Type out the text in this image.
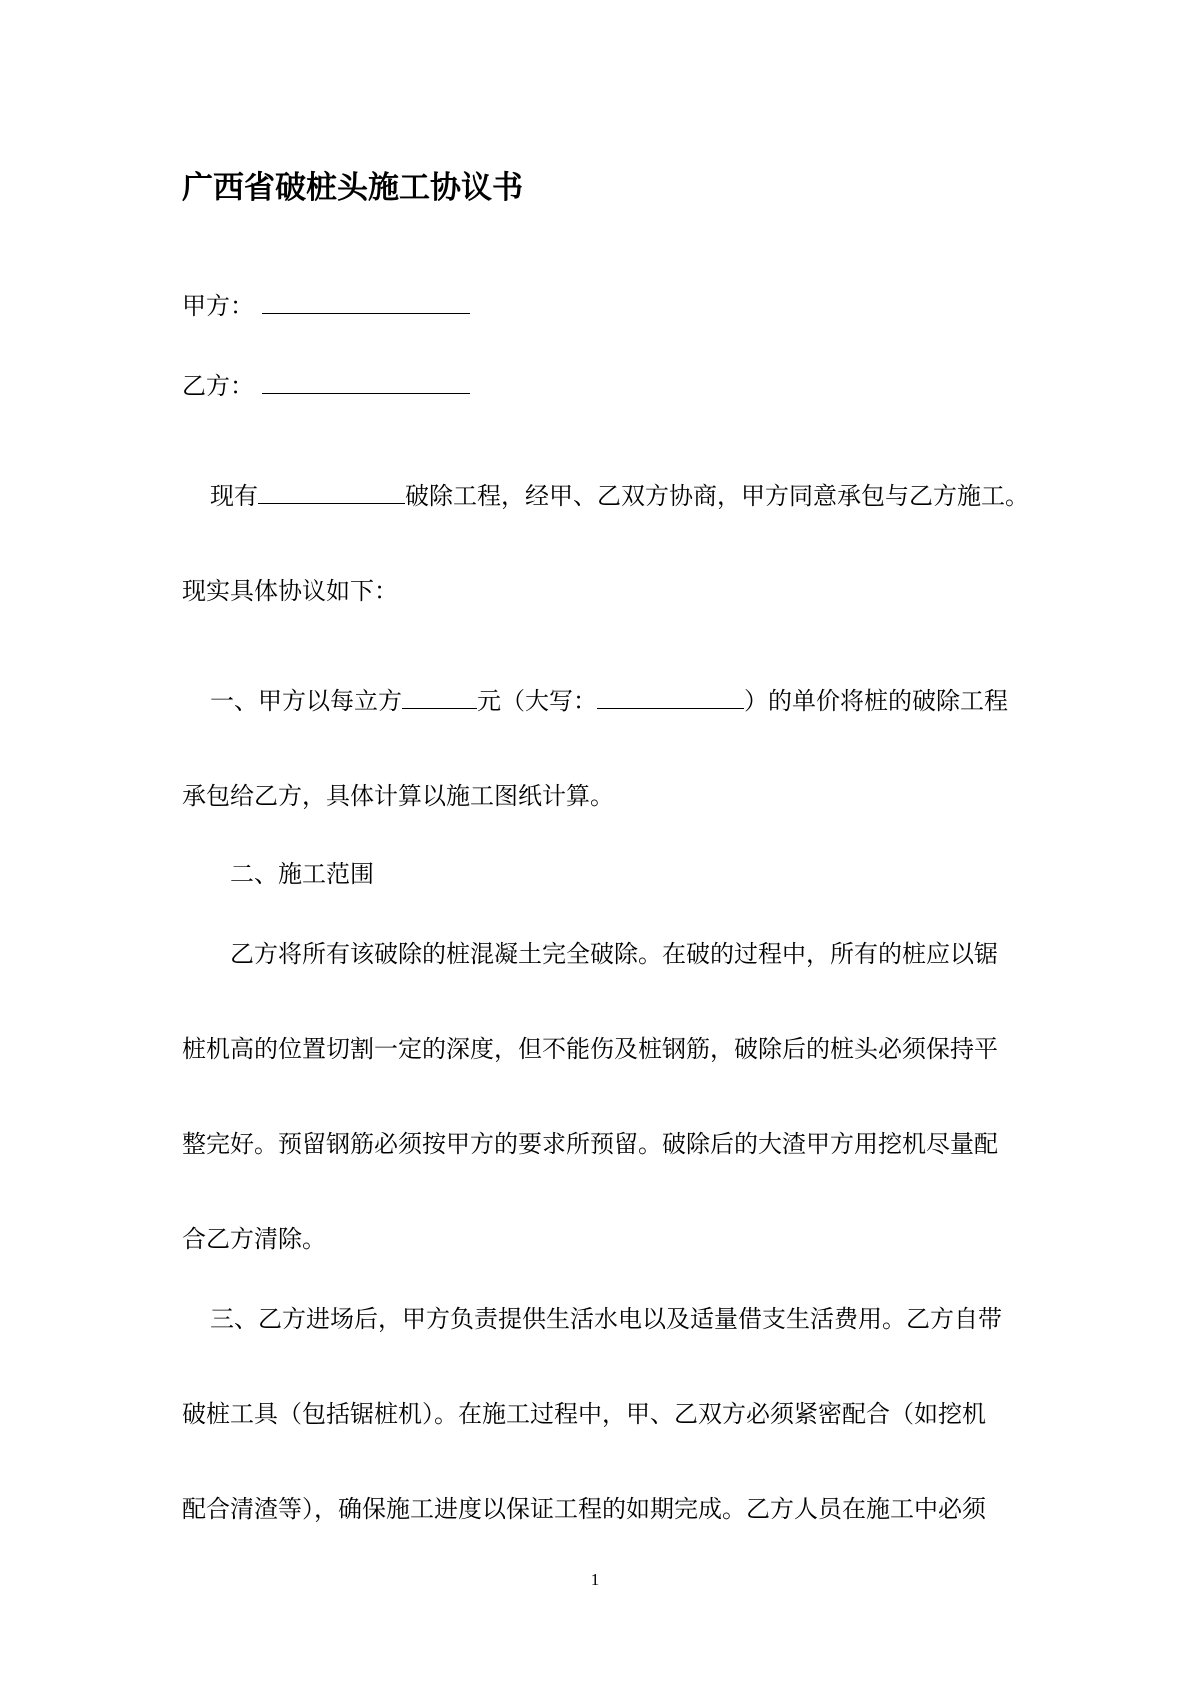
广西省破桩头施工协议书
甲方：
乙方：
现有	破除工程，经甲、乙双方协商，甲方同意承包与乙方施工。
现实具体协议如下：
一、甲方以每立方	元（大写：	）的单价将桩的破除工程
承包给乙方，具体计算以施工图纸计算。
二、施工范围
乙方将所有该破除的桩混凝土完全破除。在破的过程中，所有的桩应以锯
桩机高的位置切割一定的深度，但不能伤及桩钢筋，破除后的桩头必须保持平
整完好。预留钢筋必须按甲方的要求所预留。破除后的大渣甲方用挖机尽量配
合乙方清除。
三、乙方进场后，甲方负责提供生活水电以及适量借支生活费用。乙方自带
破桩工具（包括锯桩机）。在施工过程中，甲、乙双方必须紧密配合（如挖机
配合清渣等），确保施工进度以保证工程的如期完成。乙方人员在施工中必须
1
